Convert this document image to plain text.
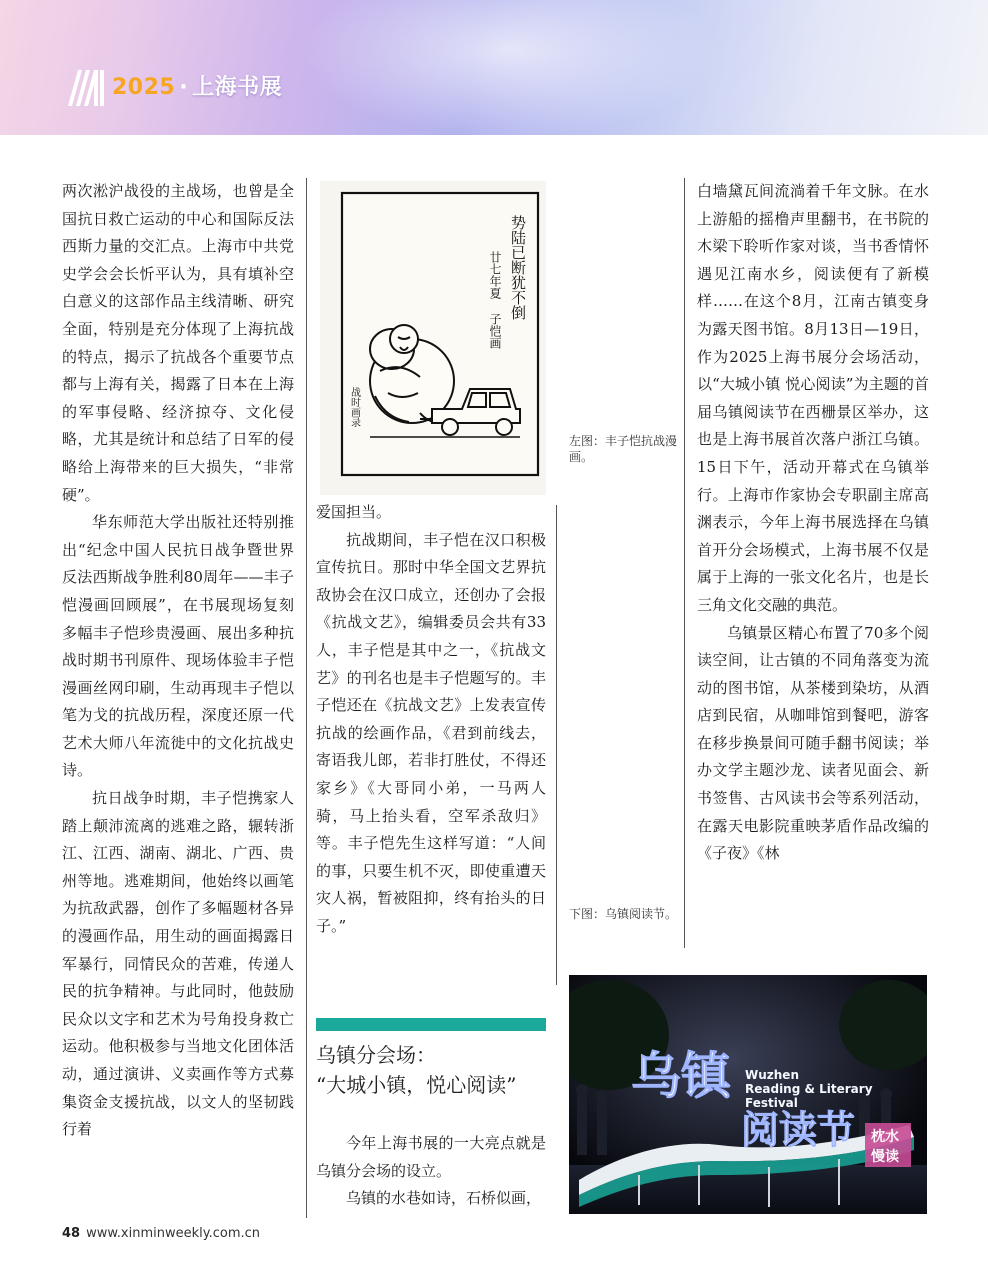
2025 · 上海书展

两次淞沪战役的主战场，也曾是全国抗日救亡运动的中心和国际反法西斯力量的交汇点。上海市中共党史学会会长忻平认为，具有填补空白意义的这部作品主线清晰、研究全面，特别是充分体现了上海抗战的特点，揭示了抗战各个重要节点都与上海有关，揭露了日本在上海的军事侵略、经济掠夺、文化侵略，尤其是统计和总结了日军的侵略给上海带来的巨大损失，“非常硬”。

华东师范大学出版社还特别推出“纪念中国人民抗日战争暨世界反法西斯战争胜利80周年——丰子恺漫画回顾展”，在书展现场复刻多幅丰子恺珍贵漫画、展出多种抗战时期书刊原件、现场体验丰子恺漫画丝网印刷，生动再现丰子恺以笔为戈的抗战历程，深度还原一代艺术大师八年流徙中的文化抗战史诗。

抗日战争时期，丰子恺携家人踏上颠沛流离的逃难之路，辗转浙江、江西、湖南、湖北、广西、贵州等地。逃难期间，他始终以画笔为抗敌武器，创作了多幅题材各异的漫画作品，用生动的画面揭露日军暴行，同情民众的苦难，传递人民的抗争精神。与此同时，他鼓励民众以文字和艺术为号角投身救亡运动。他积极参与当地文化团体活动，通过演讲、义卖画作等方式募集资金支援抗战，以文人的坚韧践行着

势陆已断犹不倒
廿七年夏
子恺画
战时画录
左图：丰子恺抗战漫画。

爱国担当。

抗战期间，丰子恺在汉口积极宣传抗日。那时中华全国文艺界抗敌协会在汉口成立，还创办了会报《抗战文艺》，编辑委员会共有33人，丰子恺是其中之一，《抗战文艺》的刊名也是丰子恺题写的。丰子恺还在《抗战文艺》上发表宣传抗战的绘画作品，《君到前线去，寄语我儿郎，若非打胜仗，不得还家乡》《大哥同小弟，一马两人骑，马上抬头看，空军杀敌归》等。丰子恺先生这样写道：“人间的事，只要生机不灭，即使重遭天灾人祸，暂被阻抑，终有抬头的日子。”

乌镇分会场：
“大城小镇，悦心阅读”

今年上海书展的一大亮点就是乌镇分会场的设立。

乌镇的水巷如诗，石桥似画，

白墙黛瓦间流淌着千年文脉。在水上游船的摇橹声里翻书，在书院的木梁下聆听作家对谈，当书香情怀遇见江南水乡，阅读便有了新模样……在这个8月，江南古镇变身为露天图书馆。8月13日—19日，作为2025上海书展分会场活动，以“大城小镇 悦心阅读”为主题的首届乌镇阅读节在西栅景区举办，这也是上海书展首次落户浙江乌镇。15日下午，活动开幕式在乌镇举行。上海市作家协会专职副主席高渊表示，今年上海书展选择在乌镇首开分会场模式，上海书展不仅是属于上海的一张文化名片，也是长三角文化交融的典范。

乌镇景区精心布置了70多个阅读空间，让古镇的不同角落变为流动的图书馆，从茶楼到染坊，从酒店到民宿，从咖啡馆到餐吧，游客在移步换景间可随手翻书阅读；举办文学主题沙龙、读者见面会、新书签售、古风读书会等系列活动，在露天电影院重映茅盾作品改编的《子夜》《林

下图：乌镇阅读节。
乌镇
阅读节
Wuzhen
Reading & Literary
Festival
枕水
慢读
48 www.xinminweekly.com.cn
